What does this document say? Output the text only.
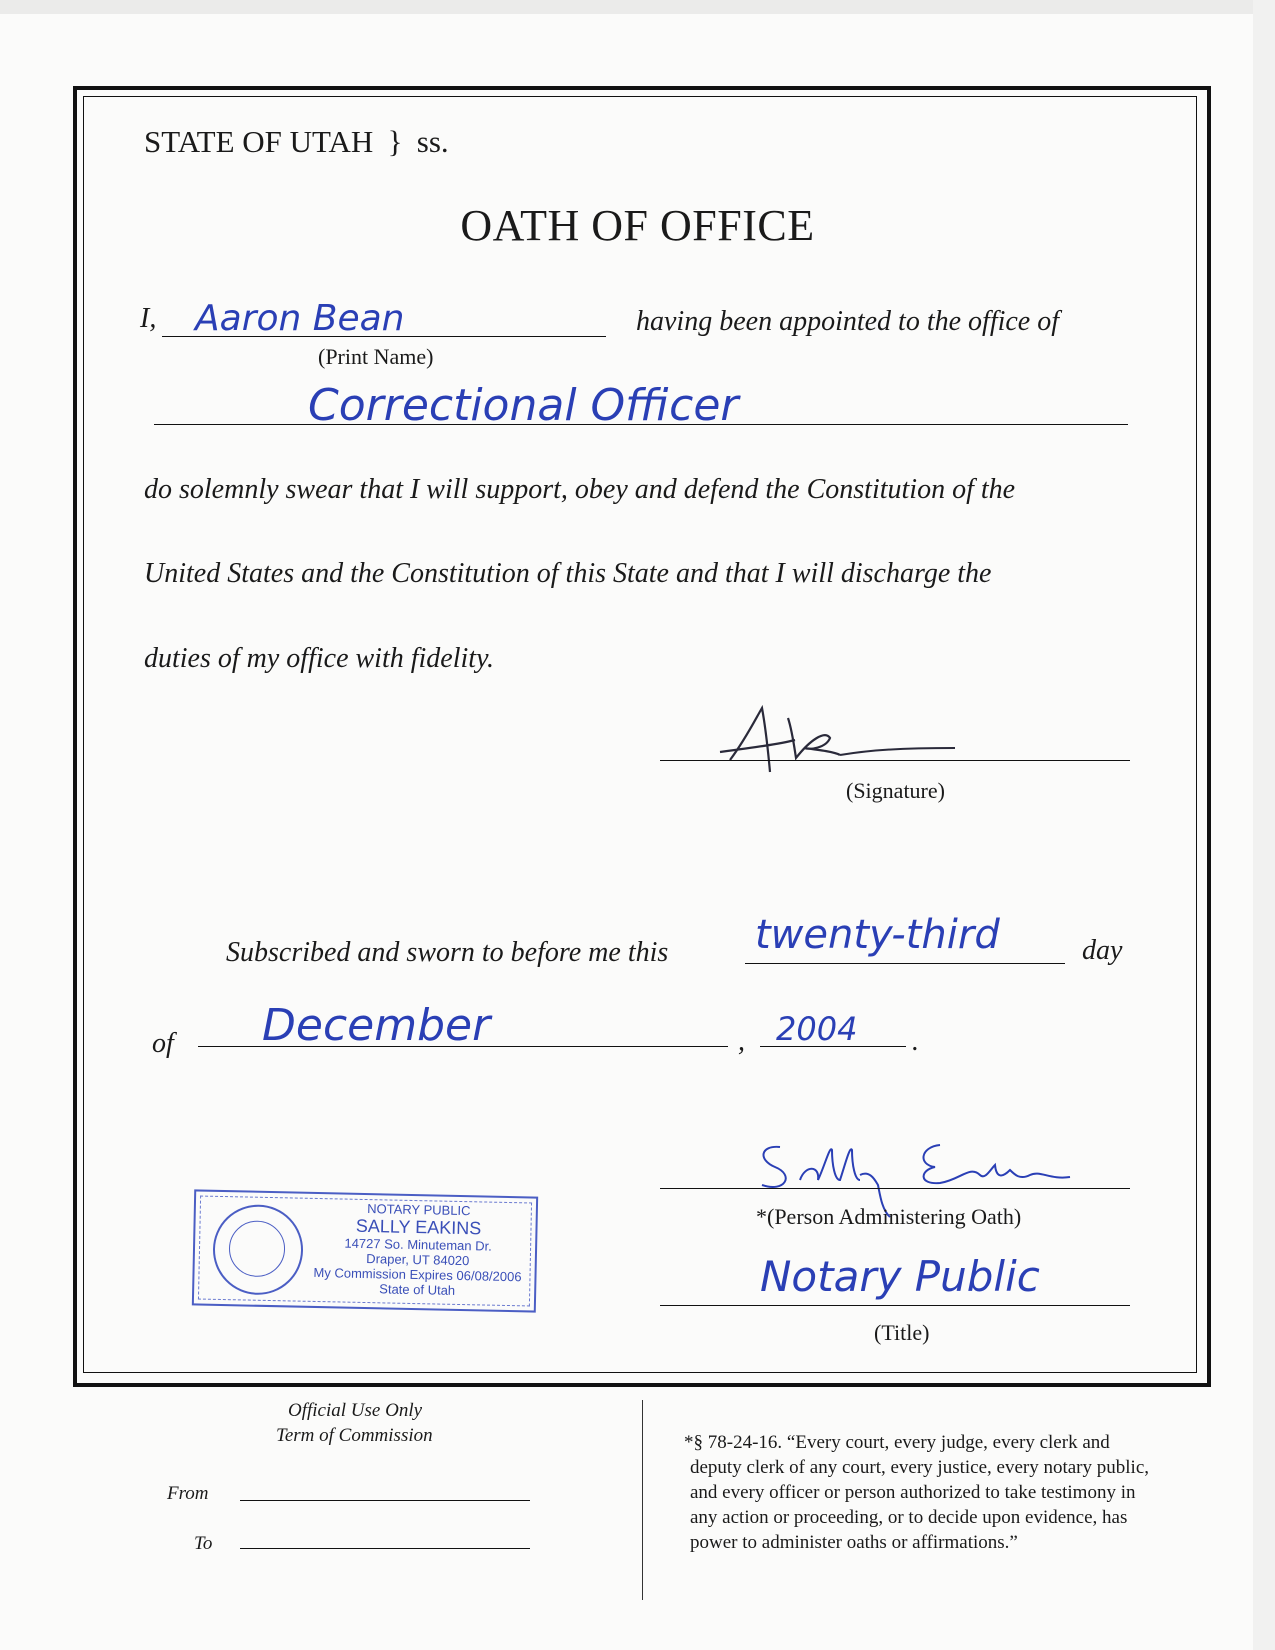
STATE OF UTAH } ss.
OATH OF OFFICE
I, Aaron Bean
(Print Name)
having been appointed to the office of
Correctional Officer
do solemnly swear that I will support, obey and defend the Constitution of the
United States and the Constitution of this State and that I will discharge the
duties of my office with fidelity.
(Signature)
Subscribed and sworn to before me this twenty-third	day
of December	, 2004 .
*(Person Administering Oath)
Notary Public
(Title)
NOTARY PUBLIC
SALLY EAKINS
14727 So. Minuteman Dr.
Draper, UT 84020
My Commission Expires 06/08/2006
State of Utah
Official Use Only
Term of Commission
From
To
*§ 78-24-16. “Every court, every judge, every clerk and
deputy clerk of any court, every justice, every notary public,
and every officer or person authorized to take testimony in
any action or proceeding, or to decide upon evidence, has
power to administer oaths or affirmations.”
